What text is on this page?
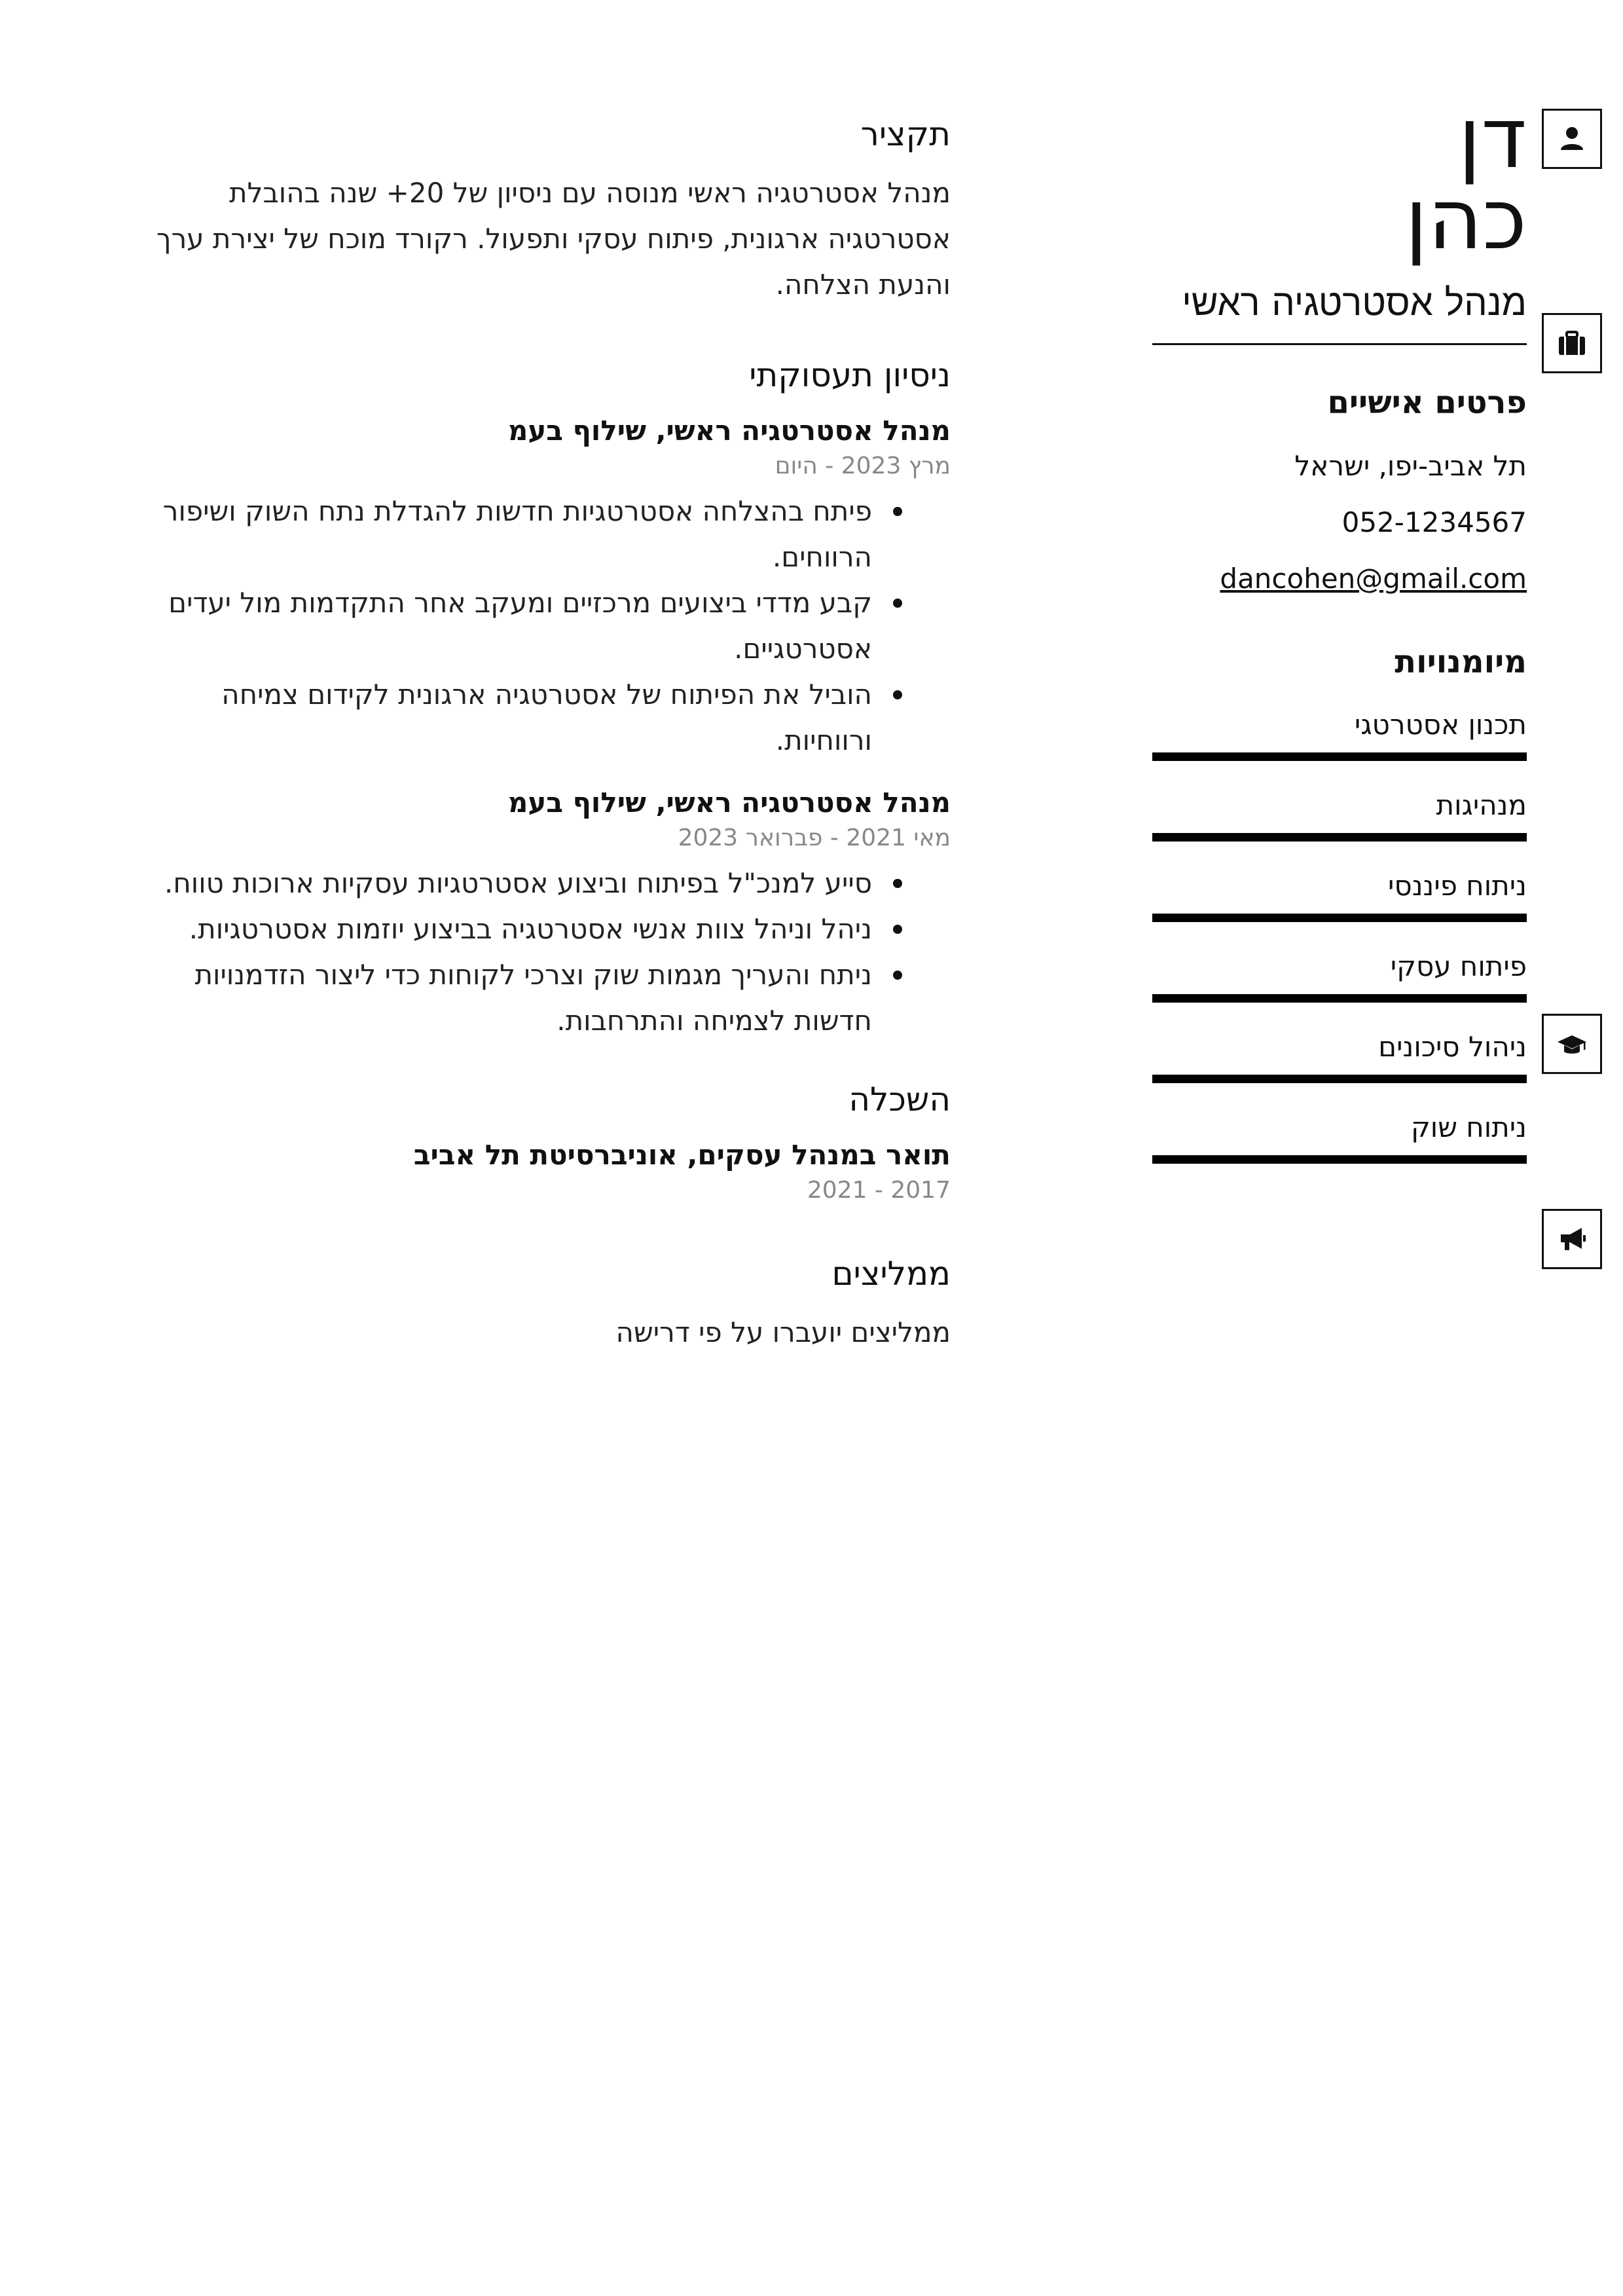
דן
כהן
מנהל אסטרטגיה ראשי
פרטים אישיים
תל אביב-יפו, ישראל
052-1234567
dancohen@gmail.com
מיומנויות
תכנון אסטרטגי
מנהיגות
ניתוח פיננסי
פיתוח עסקי
ניהול סיכונים
ניתוח שוק
תקציר

מנהל אסטרטגיה ראשי מנוסה עם ניסיון של 20+ שנה בהובלת אסטרטגיה ארגונית, פיתוח עסקי ותפעול. רקורד מוכח של יצירת ערך והנעת הצלחה.

ניסיון תעסוקתי
מנהל אסטרטגיה ראשי, שילוף בעמ
מרץ 2023 - היום
פיתח בהצלחה אסטרטגיות חדשות להגדלת נתח השוק ושיפור הרווחים.
קבע מדדי ביצועים מרכזיים ומעקב אחר התקדמות מול יעדים אסטרטגיים.
הוביל את הפיתוח של אסטרטגיה ארגונית לקידום צמיחה ורווחיות.
מנהל אסטרטגיה ראשי, שילוף בעמ
מאי 2021 - פברואר 2023
סייע למנכ"ל בפיתוח וביצוע אסטרטגיות עסקיות ארוכות טווח.
ניהל וניהל צוות אנשי אסטרטגיה בביצוע יוזמות אסטרטגיות.
ניתח והעריך מגמות שוק וצרכי לקוחות כדי ליצור הזדמנויות חדשות לצמיחה והתרחבות.
השכלה
תואר במנהל עסקים, אוניברסיטת תל אביב
2017 - 2021
ממליצים

ממליצים יועברו על פי דרישה
